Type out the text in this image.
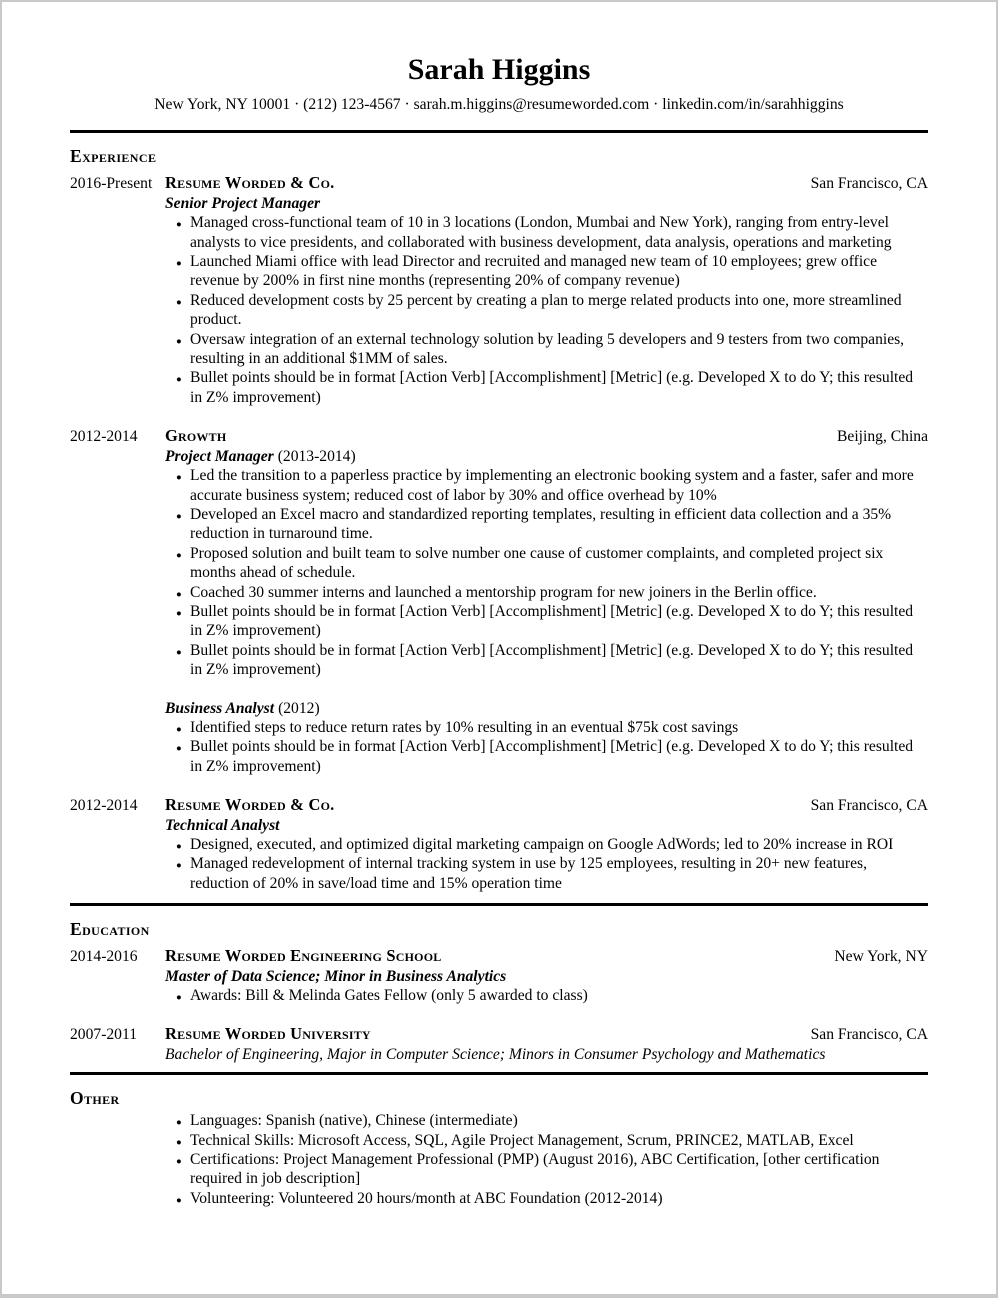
Sarah Higgins
New York, NY 10001 · (212) 123-4567 · sarah.m.higgins@resumeworded.com · linkedin.com/in/sarahhiggins
Experience
2016-Present Resume Worded & Co.	San Francisco, CA
Senior Project Manager
● Managed cross-functional team of 10 in 3 locations (London, Mumbai and New York), ranging from entry-level analysts to vice presidents, and collaborated with business development, data analysis, operations and marketing
● Launched Miami office with lead Director and recruited and managed new team of 10 employees; grew office revenue by 200% in first nine months (representing 20% of company revenue)
● Reduced development costs by 25 percent by creating a plan to merge related products into one, more streamlined product.
● Oversaw integration of an external technology solution by leading 5 developers and 9 testers from two companies, resulting in an additional $1MM of sales.
● Bullet points should be in format [Action Verb] [Accomplishment] [Metric] (e.g. Developed X to do Y; this resulted in Z% improvement)
2012-2014	Growth	Beijing, China
Project Manager (2013-2014)
● Led the transition to a paperless practice by implementing an electronic booking system and a faster, safer and more accurate business system; reduced cost of labor by 30% and office overhead by 10%
● Developed an Excel macro and standardized reporting templates, resulting in efficient data collection and a 35% reduction in turnaround time.
● Proposed solution and built team to solve number one cause of customer complaints, and completed project six months ahead of schedule.
● Coached 30 summer interns and launched a mentorship program for new joiners in the Berlin office.
● Bullet points should be in format [Action Verb] [Accomplishment] [Metric] (e.g. Developed X to do Y; this resulted in Z% improvement)
● Bullet points should be in format [Action Verb] [Accomplishment] [Metric] (e.g. Developed X to do Y; this resulted in Z% improvement)
Business Analyst (2012)
● Identified steps to reduce return rates by 10% resulting in an eventual $75k cost savings
● Bullet points should be in format [Action Verb] [Accomplishment] [Metric] (e.g. Developed X to do Y; this resulted in Z% improvement)
2012-2014	Resume Worded & Co.	San Francisco, CA
Technical Analyst
● Designed, executed, and optimized digital marketing campaign on Google AdWords; led to 20% increase in ROI
● Managed redevelopment of internal tracking system in use by 125 employees, resulting in 20+ new features, reduction of 20% in save/load time and 15% operation time
Education
2014-2016	Resume Worded Engineering School	New York, NY
Master of Data Science; Minor in Business Analytics
● Awards: Bill & Melinda Gates Fellow (only 5 awarded to class)
2007-2011	Resume Worded University	San Francisco, CA
Bachelor of Engineering, Major in Computer Science; Minors in Consumer Psychology and Mathematics
Other
● Languages: Spanish (native), Chinese (intermediate)
● Technical Skills: Microsoft Access, SQL, Agile Project Management, Scrum, PRINCE2, MATLAB, Excel
● Certifications: Project Management Professional (PMP) (August 2016), ABC Certification, [other certification required in job description]
● Volunteering: Volunteered 20 hours/month at ABC Foundation (2012-2014)
